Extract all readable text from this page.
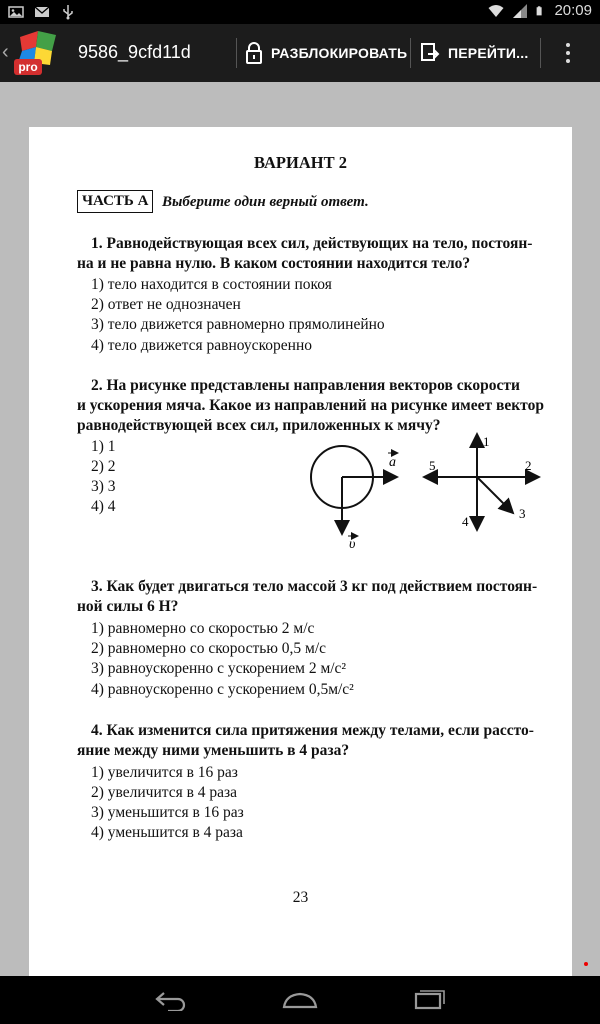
20:09
‹
pro
9586_9cfd11d	РАЗБЛОКИРОВАТЬ	ПЕРЕЙТИ...
ВАРИАНТ 2
ЧАСТЬ А Выберите один верный ответ.
1. Равнодействующая всех сил, действующих на тело, постоян-
на и не равна нулю. В каком состоянии находится тело?
1) тело находится в состоянии покоя
2) ответ не однозначен
3) тело движется равномерно прямолинейно
4) тело движется равноускоренно
2. На рисунке представлены направления векторов скорости
и ускорения мяча. Какое из направлений на рисунке имеет вектор
равнодействующей всех сил, приложенных к мячу?
1) 1
2) 2
3) 3
4) 4
a
υ
1
2
3
4
5
3. Как будет двигаться тело массой 3 кг под действием постоян-
ной силы 6 Н?
1) равномерно со скоростью 2 м/с
2) равномерно со скоростью 0,5 м/с
3) равноускоренно с ускорением 2 м/с²
4) равноускоренно с ускорением 0,5м/с²
4. Как изменится сила притяжения между телами, если рассто-
яние между ними уменьшить в 4 раза?
1) увеличится в 16 раз
2) увеличится в 4 раза
3) уменьшится в 16 раз
4) уменьшится в 4 раза
23
